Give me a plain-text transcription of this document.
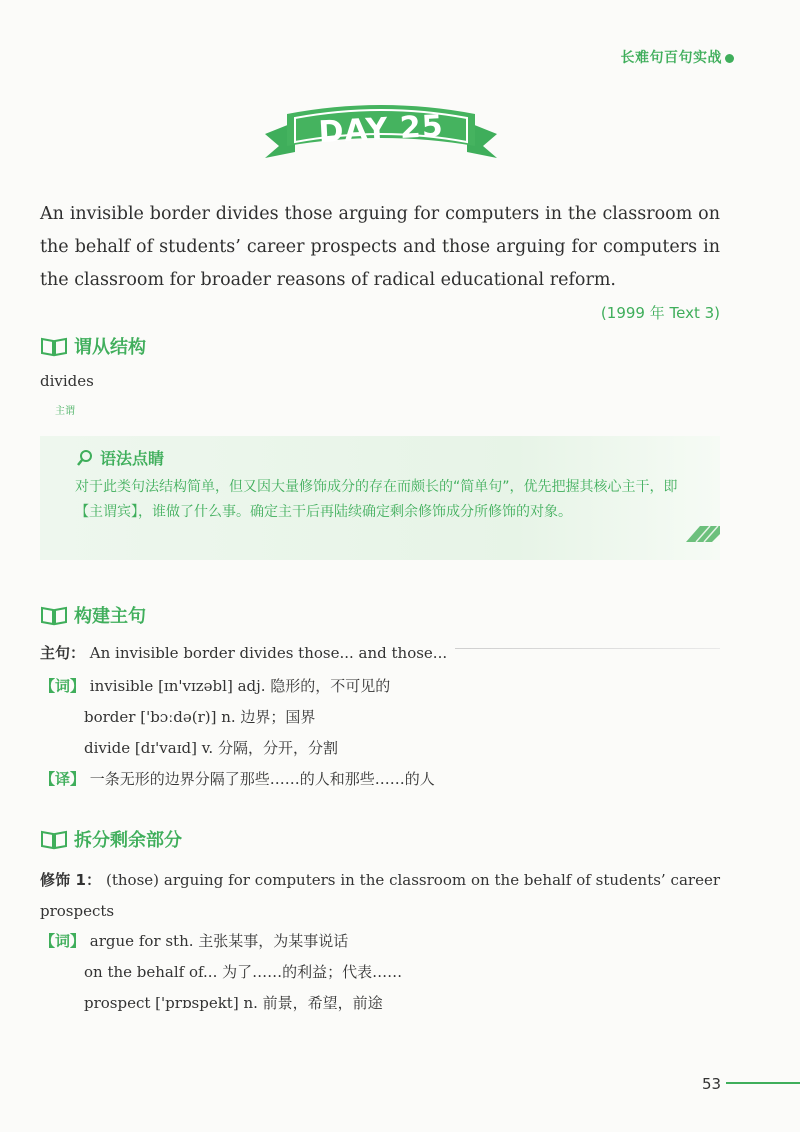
长难句百句实战
DAY 25
An invisible border divides those arguing for computers in the classroom on the behalf of students’ career prospects and those arguing for computers in the classroom for broader reasons of radical educational reform.
(1999 年 Text 3)
谓从结构
divides
主谓
语法点睛
对于此类句法结构简单，但又因大量修饰成分的存在而颇长的“简单句”，优先把握其核心主干，即【主谓宾】，谁做了什么事。确定主干后再陆续确定剩余修饰成分所修饰的对象。
构建主句
主句： An invisible border divides those... and those...
【词】 invisible [ɪn'vɪzəbl] adj. 隐形的，不可见的
border ['bɔːdə(r)] n. 边界；国界
divide [dɪ'vaɪd] v. 分隔，分开，分割
【译】 一条无形的边界分隔了那些……的人和那些……的人
拆分剩余部分
修饰 1： (those) arguing for computers in the classroom on the behalf of students’ career prospects
【词】 argue for sth. 主张某事，为某事说话
on the behalf of... 为了……的利益；代表……
prospect ['prɒspekt] n. 前景，希望，前途
53
